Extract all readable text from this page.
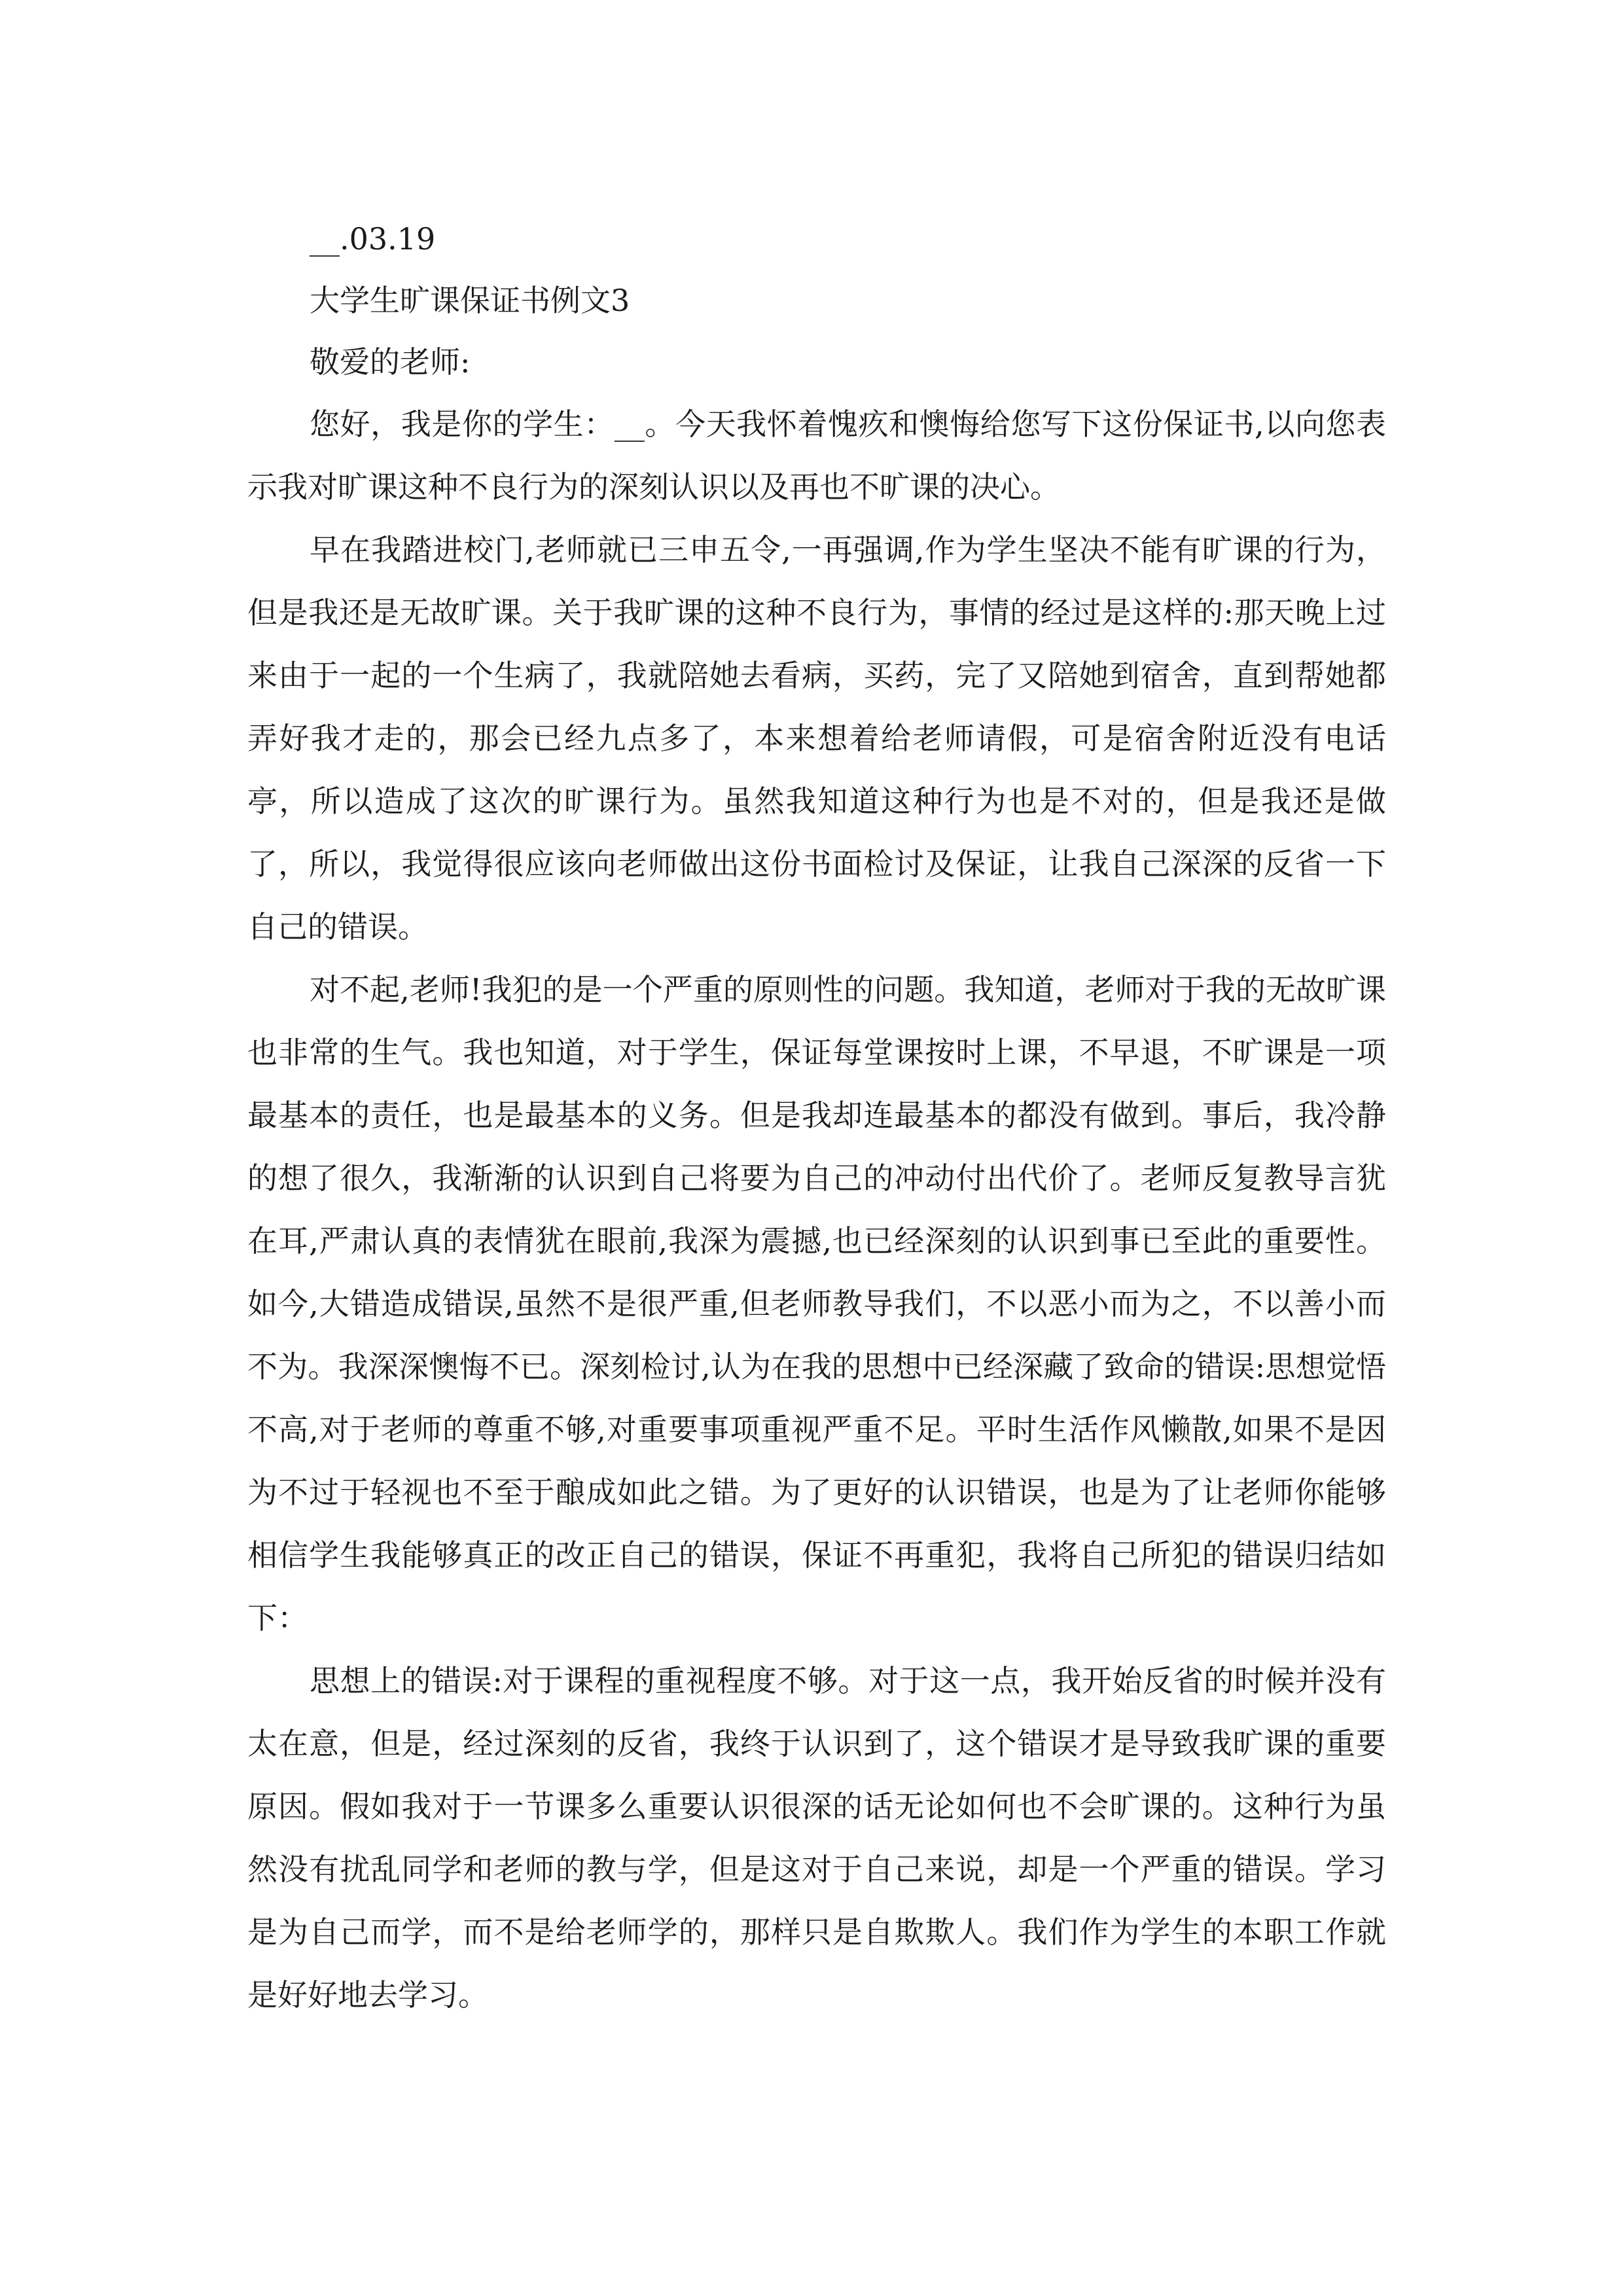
__.03.19

大学生旷课保证书例文3

敬爱的老师:

您好，我是你的学生：__。今天我怀着愧疚和懊悔给您写下这份保证书,以向您表示我对旷课这种不良行为的深刻认识以及再也不旷课的决心。

早在我踏进校门,老师就已三申五令,一再强调,作为学生坚决不能有旷课的行为，但是我还是无故旷课。关于我旷课的这种不良行为，事情的经过是这样的:那天晚上过来由于一起的一个生病了，我就陪她去看病，买药，完了又陪她到宿舍，直到帮她都弄好我才走的，那会已经九点多了，本来想着给老师请假，可是宿舍附近没有电话亭，所以造成了这次的旷课行为。虽然我知道这种行为也是不对的，但是我还是做了，所以，我觉得很应该向老师做出这份书面检讨及保证，让我自己深深的反省一下自己的错误。

对不起,老师!我犯的是一个严重的原则性的问题。我知道，老师对于我的无故旷课也非常的生气。我也知道，对于学生，保证每堂课按时上课，不早退，不旷课是一项最基本的责任，也是最基本的义务。但是我却连最基本的都没有做到。事后，我冷静的想了很久，我渐渐的认识到自己将要为自己的冲动付出代价了。老师反复教导言犹在耳,严肃认真的表情犹在眼前,我深为震撼,也已经深刻的认识到事已至此的重要性。如今,大错造成错误,虽然不是很严重,但老师教导我们，不以恶小而为之，不以善小而不为。我深深懊悔不已。深刻检讨,认为在我的思想中已经深藏了致命的错误:思想觉悟不高,对于老师的尊重不够,对重要事项重视严重不足。平时生活作风懒散,如果不是因为不过于轻视也不至于酿成如此之错。为了更好的认识错误，也是为了让老师你能够相信学生我能够真正的改正自己的错误，保证不再重犯，我将自己所犯的错误归结如下：

思想上的错误:对于课程的重视程度不够。对于这一点，我开始反省的时候并没有太在意，但是，经过深刻的反省，我终于认识到了，这个错误才是导致我旷课的重要原因。假如我对于一节课多么重要认识很深的话无论如何也不会旷课的。这种行为虽然没有扰乱同学和老师的教与学，但是这对于自己来说，却是一个严重的错误。学习是为自己而学，而不是给老师学的，那样只是自欺欺人。我们作为学生的本职工作就是好好地去学习。
